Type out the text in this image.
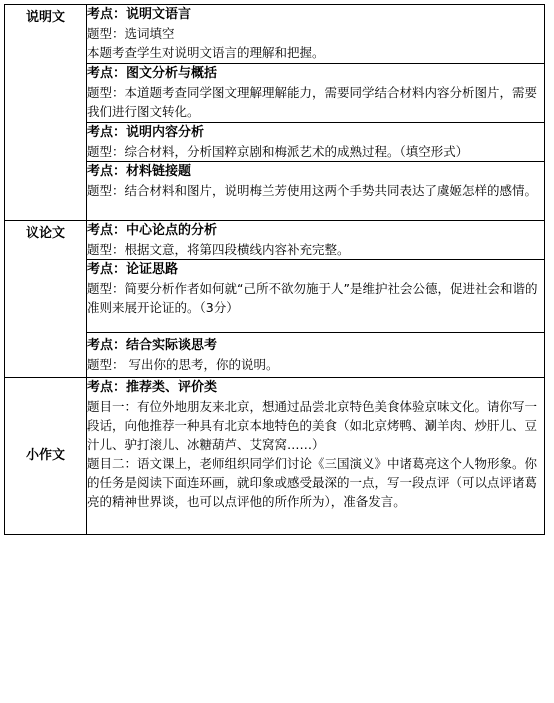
说明文	考点：说明文语言
题型：选词填空
本题考查学生对说明文语言的理解和把握。

	考点：图文分析与概括
题型：本道题考查同学图文理解理解能力，需要同学结合材料内容分析图片，需要我们进行图文转化。

	考点：说明内容分析
题型：综合材料，分析国粹京剧和梅派艺术的成熟过程。（填空形式）

	考点：材料链接题
题型：结合材料和图片，说明梅兰芳使用这两个手势共同表达了虞姬怎样的感情。

议论文	考点：中心论点的分析
题型：根据文意，将第四段横线内容补充完整。

	考点：论证思路
题型：简要分析作者如何就“己所不欲勿施于人”是维护社会公德，促进社会和谐的准则来展开论证的。（3分）

	考点：结合实际谈思考
题型： 写出你的思考，你的说明。

小作文	考点：推荐类、评价类
题目一：有位外地朋友来北京，想通过品尝北京特色美食体验京味文化。请你写一段话，向他推荐一种具有北京本地特色的美食（如北京烤鸭、涮羊肉、炒肝儿、豆汁儿、驴打滚儿、冰糖葫芦、艾窝窝……）
题目二：语文课上，老师组织同学们讨论《三国演义》中诸葛亮这个人物形象。你的任务是阅读下面连环画，就印象或感受最深的一点，写一段点评（可以点评诸葛亮的精神世界谈，也可以点评他的所作所为），准备发言。
